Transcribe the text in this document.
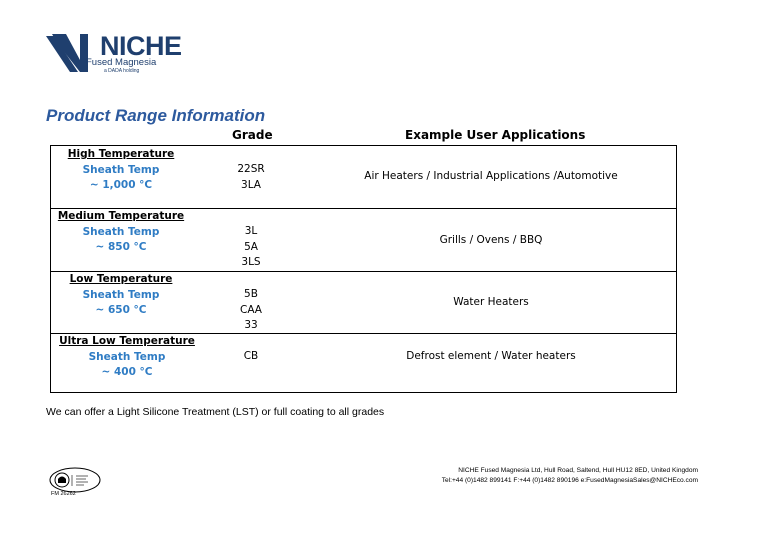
NICHE
Fused Magnesia
a DADA holding
Product Range Information
Grade	Example User Applications
High Temperature
Sheath Temp
~ 1,000 °C
22SR
3LA
Air Heaters / Industrial Applications /Automotive
Medium Temperature
Sheath Temp
~ 850 °C
3L
5A
3LS
Grills / Ovens / BBQ
Low Temperature
Sheath Temp
~ 650 °C
5B
CAA
33
Water Heaters
Ultra Low Temperature
Sheath Temp
~ 400 °C
CB	Defrost element / Water heaters
We can offer a Light Silicone Treatment (LST) or full coating to all grades
FM 26262
NICHE Fused Magnesia Ltd, Hull Road, Saltend, Hull HU12 8ED, United Kingdom
Tel:+44 (0)1482 899141 F:+44 (0)1482 890196 e:FusedMagnesiaSales@NICHEco.com
